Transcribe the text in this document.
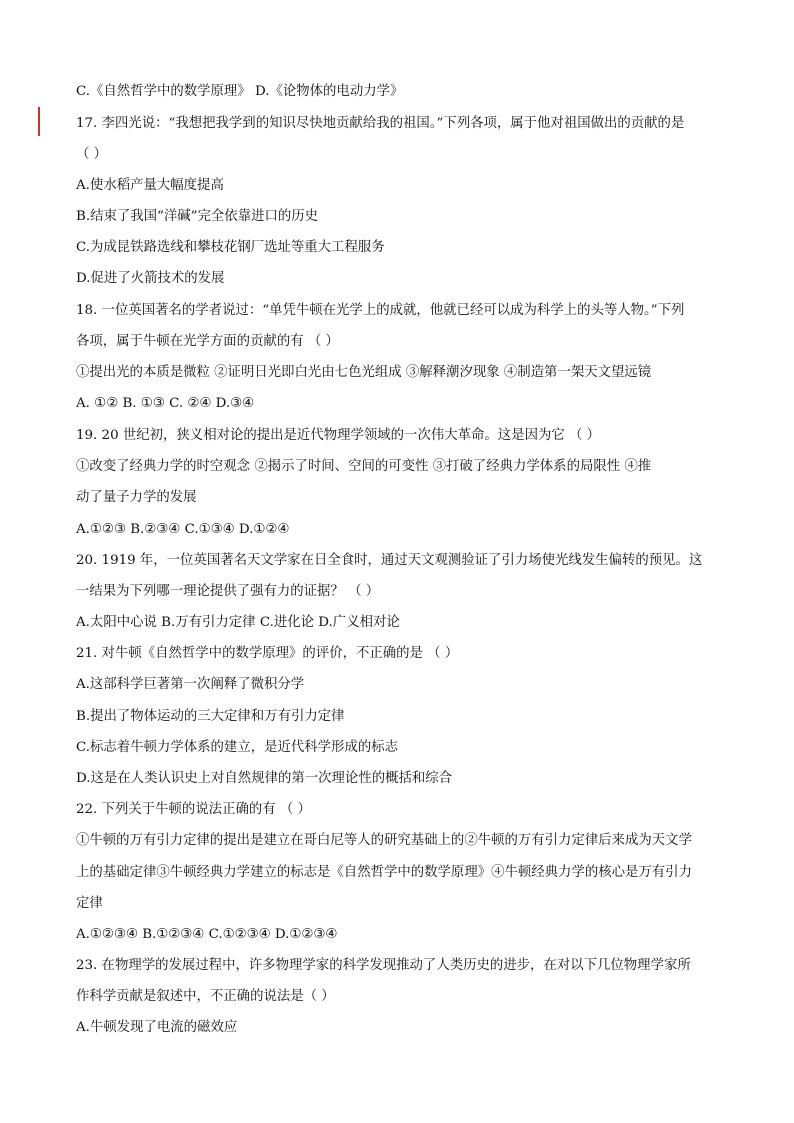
C.《自然哲学中的数学原理》 D.《论物体的电动力学》
17. 李四光说：“我想把我学到的知识尽快地贡献给我的祖国。”下列各项，属于他对祖国做出的贡献的是
（ ）
A.使水稻产量大幅度提高
B.结束了我国“洋碱”完全依靠进口的历史
C.为成昆铁路选线和攀枝花钢厂选址等重大工程服务
D.促进了火箭技术的发展
18. 一位英国著名的学者说过：“单凭牛顿在光学上的成就，他就已经可以成为科学上的头等人物。”下列
各项，属于牛顿在光学方面的贡献的有 （ ）
①提出光的本质是微粒 ②证明日光即白光由七色光组成 ③解释潮汐现象 ④制造第一架天文望远镜
A. ①② B. ①③ C. ②④ D.③④
19. 20 世纪初，狭义相对论的提出是近代物理学领域的一次伟大革命。这是因为它 （ ）
①改变了经典力学的时空观念 ②揭示了时间、空间的可变性 ③打破了经典力学体系的局限性 ④推
动了量子力学的发展
A.①②③ B.②③④ C.①③④ D.①②④
20. 1919 年，一位英国著名天文学家在日全食时，通过天文观测验证了引力场使光线发生偏转的预见。这
一结果为下列哪一理论提供了强有力的证据？ （ ）
A.太阳中心说 B.万有引力定律 C.进化论 D.广义相对论
21. 对牛顿《自然哲学中的数学原理》的评价，不正确的是 （ ）
A.这部科学巨著第一次阐释了微积分学
B.提出了物体运动的三大定律和万有引力定律
C.标志着牛顿力学体系的建立，是近代科学形成的标志
D.这是在人类认识史上对自然规律的第一次理论性的概括和综合
22. 下列关于牛顿的说法正确的有 （ ）
①牛顿的万有引力定律的提出是建立在哥白尼等人的研究基础上的②牛顿的万有引力定律后来成为天文学
上的基础定律③牛顿经典力学建立的标志是《自然哲学中的数学原理》④牛顿经典力学的核心是万有引力
定律
A.①②③④ B.①②③④ C.①②③④ D.①②③④
23. 在物理学的发展过程中，许多物理学家的科学发现推动了人类历史的进步，在对以下几位物理学家所
作科学贡献是叙述中，不正确的说法是（ ）
A.牛顿发现了电流的磁效应
